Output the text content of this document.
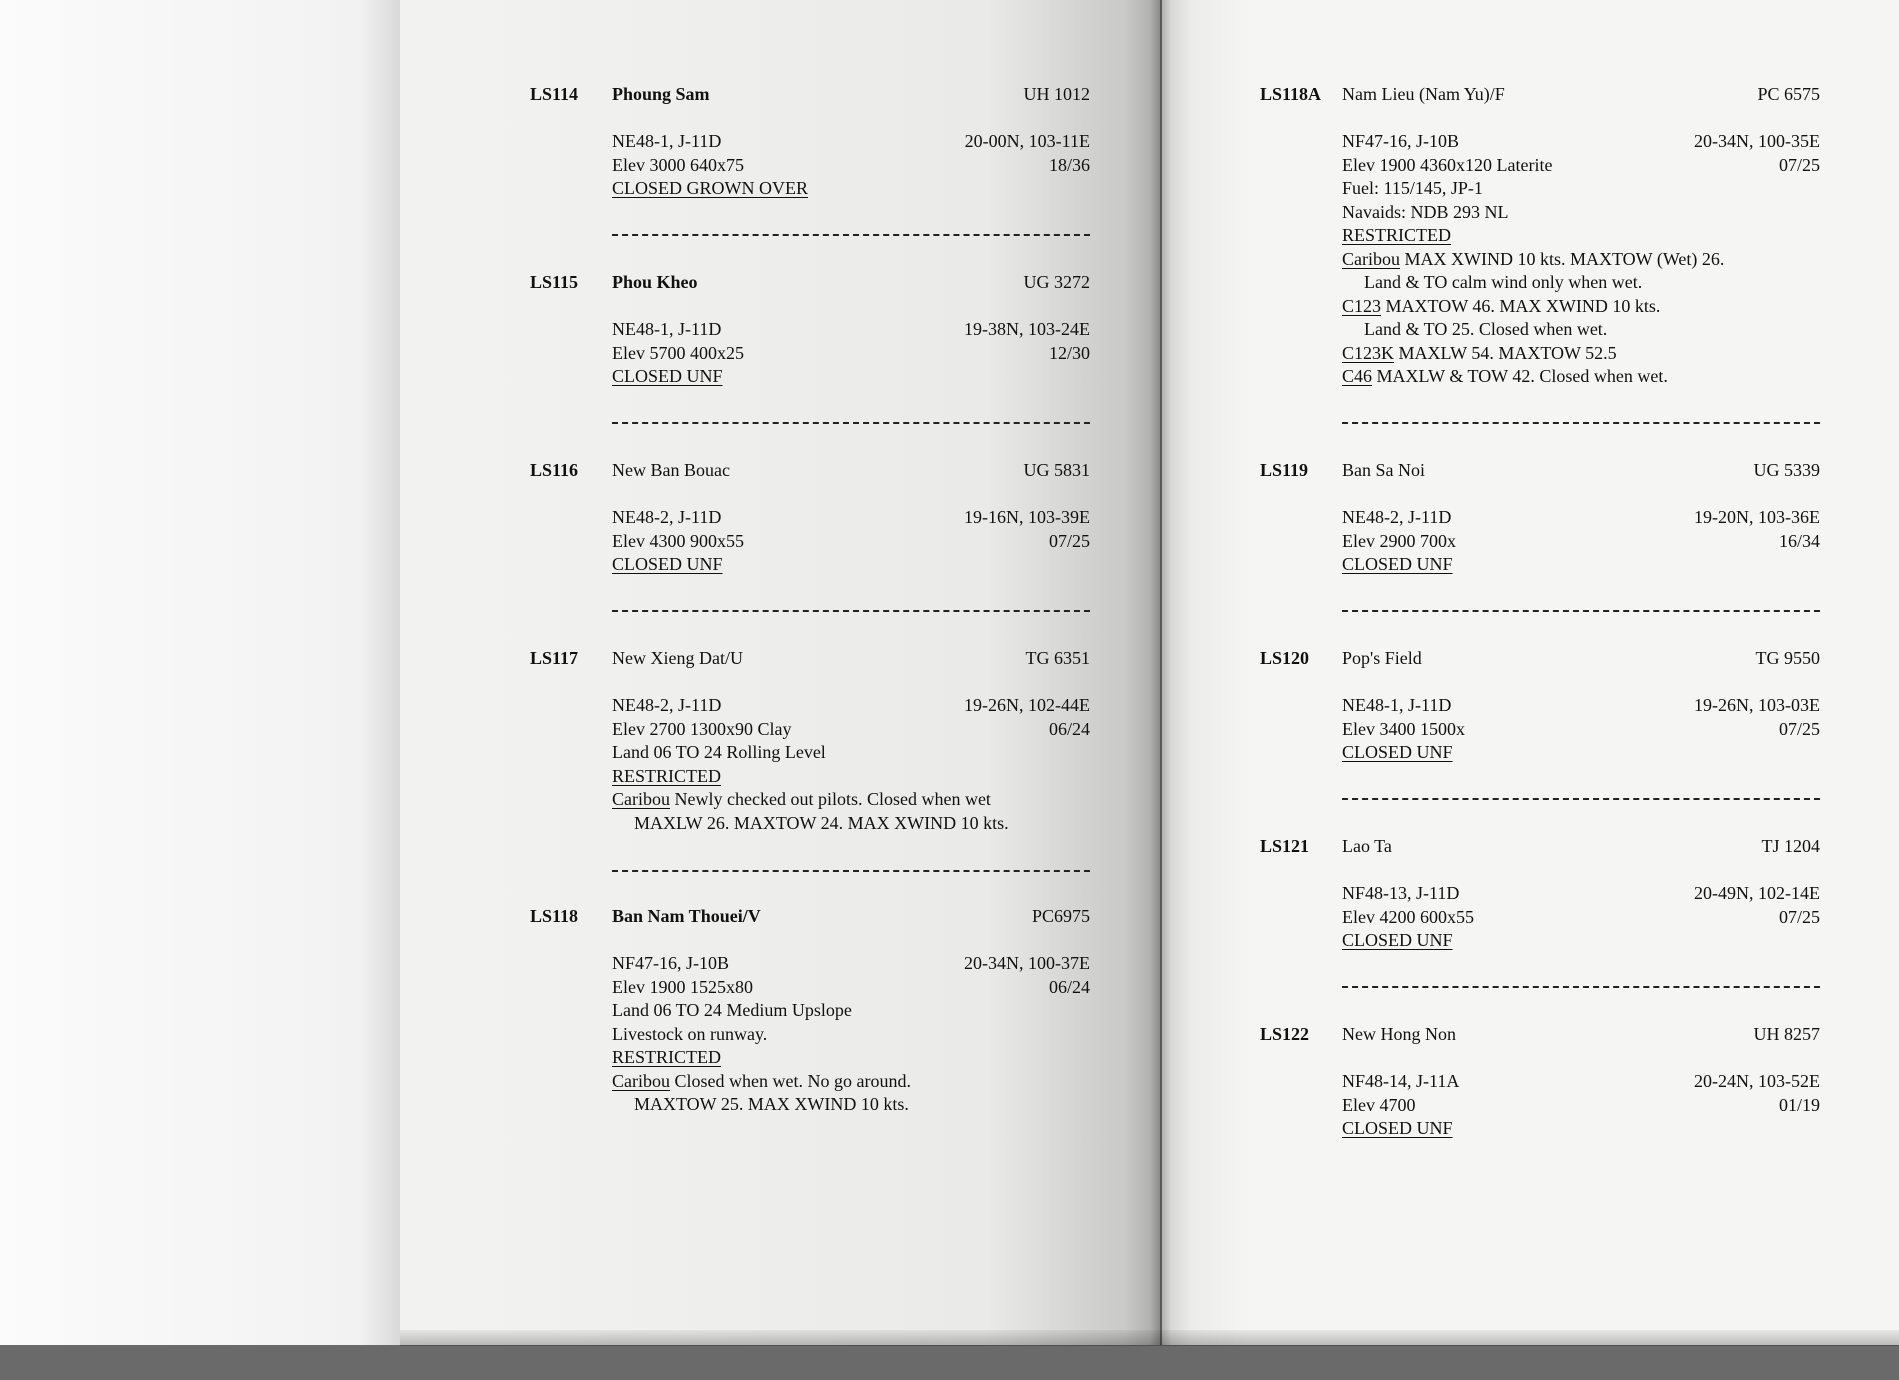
LS114 Phoung Sam	UH 1012
NE48-1, J-11D	20-00N, 103-11E
Elev 3000 640x75	18/36
CLOSED GROWN OVER
LS115 Phou Kheo	UG 3272
NE48-1, J-11D	19-38N, 103-24E
Elev 5700 400x25	12/30
CLOSED UNF
LS116 New Ban Bouac	UG 5831
NE48-2, J-11D	19-16N, 103-39E
Elev 4300 900x55	07/25
CLOSED UNF
LS117 New Xieng Dat/U	TG 6351
NE48-2, J-11D	19-26N, 102-44E
Elev 2700 1300x90 Clay	06/24
Land 06 TO 24 Rolling Level
RESTRICTED
Caribou Newly checked out pilots. Closed when wet
MAXLW 26. MAXTOW 24. MAX XWIND 10 kts.
LS118 Ban Nam Thouei/V	PC6975
NF47-16, J-10B	20-34N, 100-37E
Elev 1900 1525x80	06/24
Land 06 TO 24 Medium Upslope
Livestock on runway.
RESTRICTED
Caribou Closed when wet. No go around.
MAXTOW 25. MAX XWIND 10 kts.
LS118A Nam Lieu (Nam Yu)/F	PC 6575
NF47-16, J-10B	20-34N, 100-35E
Elev 1900 4360x120 Laterite	07/25
Fuel: 115/145, JP-1
Navaids: NDB 293 NL
RESTRICTED
Caribou MAX XWIND 10 kts. MAXTOW (Wet) 26.
Land & TO calm wind only when wet.
C123 MAXTOW 46. MAX XWIND 10 kts.
Land & TO 25. Closed when wet.
C123K MAXLW 54. MAXTOW 52.5
C46 MAXLW & TOW 42. Closed when wet.
LS119 Ban Sa Noi	UG 5339
NE48-2, J-11D	19-20N, 103-36E
Elev 2900 700x	16/34
CLOSED UNF
LS120 Pop's Field	TG 9550
NE48-1, J-11D	19-26N, 103-03E
Elev 3400 1500x	07/25
CLOSED UNF
LS121 Lao Ta	TJ 1204
NF48-13, J-11D	20-49N, 102-14E
Elev 4200 600x55	07/25
CLOSED UNF
LS122 New Hong Non	UH 8257
NF48-14, J-11A	20-24N, 103-52E
Elev 4700	01/19
CLOSED UNF
